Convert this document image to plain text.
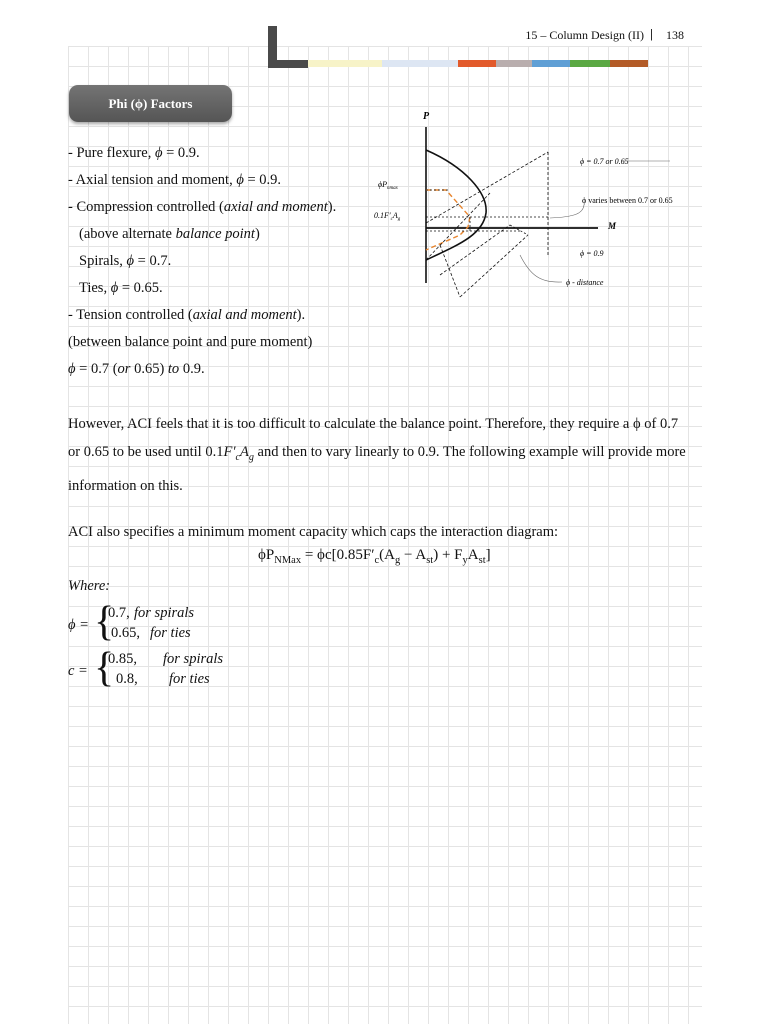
15 – Column Design (II) | 138
Phi (ϕ) Factors
- Pure flexure, ϕ = 0.9.
- Axial tension and moment, ϕ = 0.9.
- Compression controlled (axial and moment).
(above alternate balance point)
Spirals, ϕ = 0.7.
Ties, ϕ = 0.65.
- Tension controlled (axial and moment).
(between balance point and pure moment)
ϕ = 0.7 (or 0.65) to 0.9.
P
M
$\phi P_{nmax}$
$0.1F'_cA_g$
ϕ = 0.7 or 0.65
ϕ varies between 0.7 or 0.65
ϕ = 0.9
ϕ - distance
However, ACI feels that it is too difficult to calculate the balance point. Therefore, they require a ϕ of 0.7 or 0.65 to be used until $0.1F'_cA_g$ and then to vary linearly to 0.9. The following example will provide more information on this.
ACI also specifies a minimum moment capacity which caps the interaction diagram:
$\phi P_{NMax} = \phi c[0.85F'_c(A_g - A_{st}) + F_yA_{st}]$
Where:
ϕ = {
0.7, for spirals
0.65, for ties
c = {
0.85, for spirals
0.8, for ties
